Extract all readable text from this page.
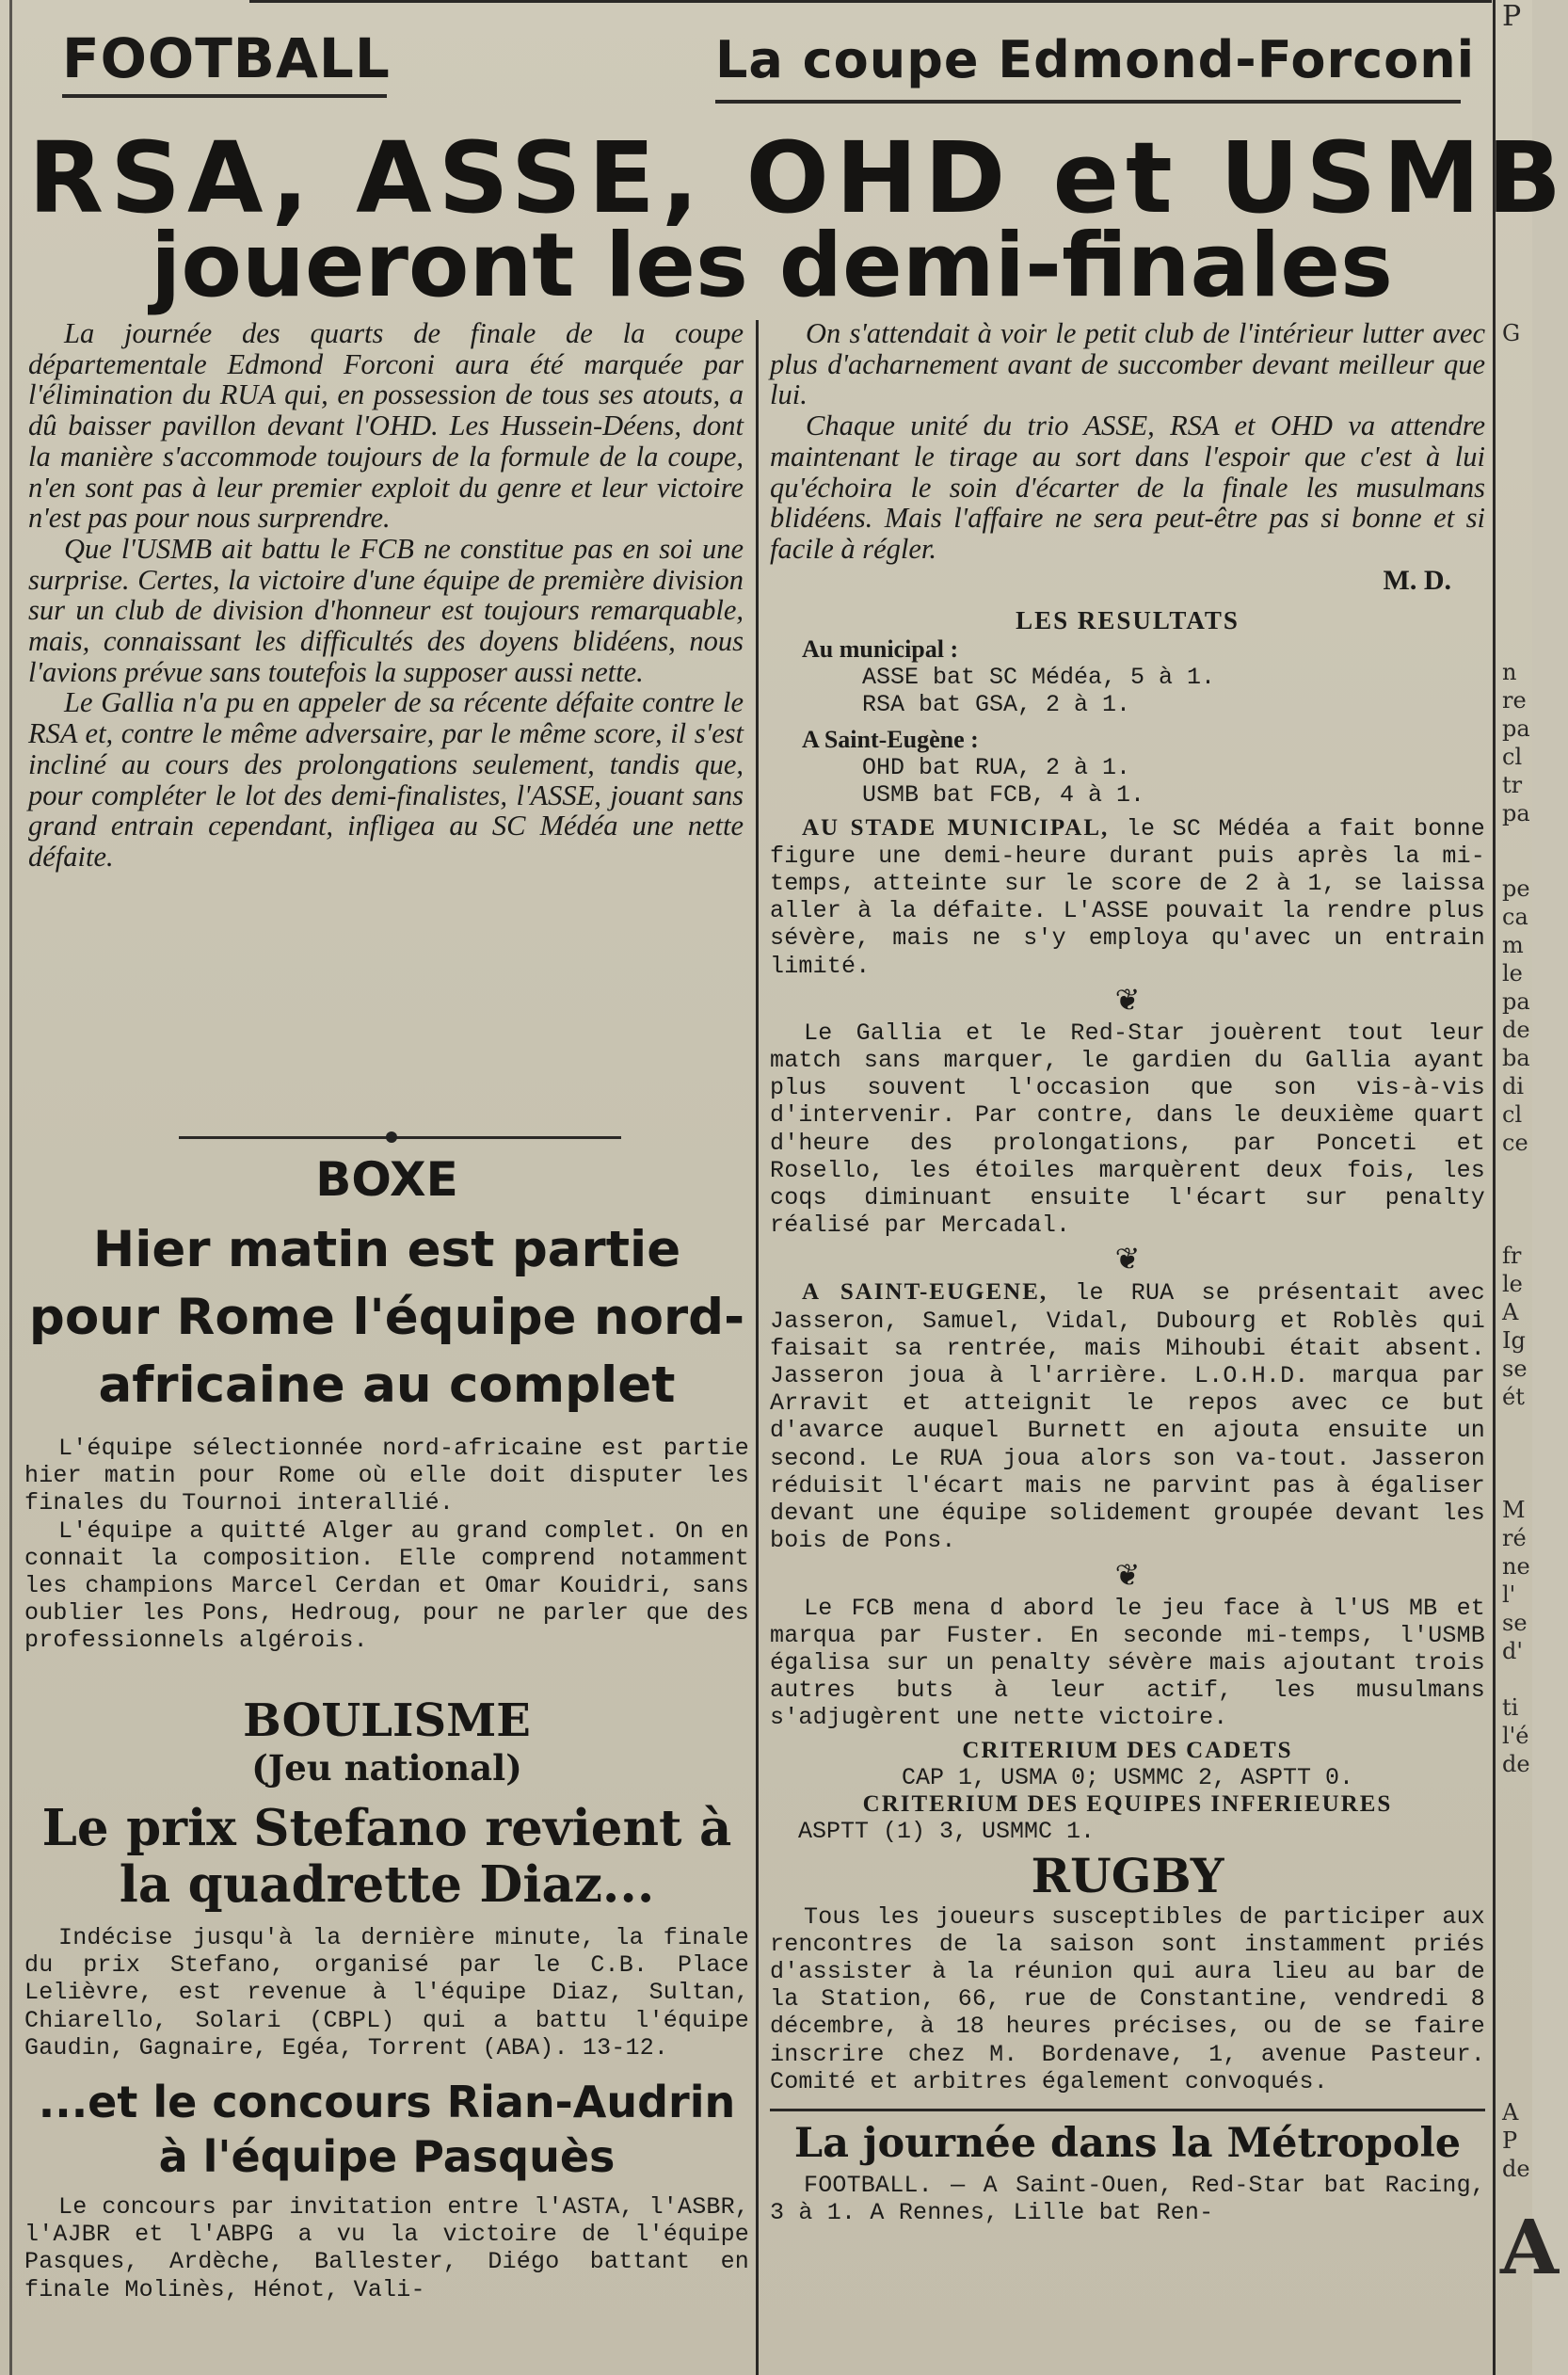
FOOTBALL	La coupe Edmond-Forconi
RSA, ASSE, OHD et USMB
joueront les demi-finales

La journée des quarts de finale de la coupe départementale Edmond Forconi aura été marquée par l'élimination du RUA qui, en possession de tous ses atouts, a dû baisser pavillon devant l'OHD. Les Hussein-Déens, dont la manière s'accommode toujours de la formule de la coupe, n'en sont pas à leur premier exploit du genre et leur victoire n'est pas pour nous surprendre.

Que l'USMB ait battu le FCB ne constitue pas en soi une surprise. Certes, la victoire d'une équipe de première division sur un club de division d'honneur est toujours remarquable, mais, connaissant les difficultés des doyens blidéens, nous l'avions prévue sans toutefois la supposer aussi nette.

Le Gallia n'a pu en appeler de sa récente défaite contre le RSA et, contre le même adversaire, par le même score, il s'est incliné au cours des prolongations seulement, tandis que, pour compléter le lot des demi-finalistes, l'ASSE, jouant sans grand entrain cependant, infligea au SC Médéa une nette défaite.

BOXE

Hier matin est partie pour Rome l'équipe nord-africaine au complet

L'équipe sélectionnée nord-africaine est partie hier matin pour Rome où elle doit disputer les finales du Tournoi interallié.

L'équipe a quitté Alger au grand complet. On en connait la composition. Elle comprend notamment les champions Marcel Cerdan et Omar Kouidri, sans oublier les Pons, Hedroug, pour ne parler que des professionnels algérois.

BOULISME

(Jeu national)

Le prix Stefano revient à la quadrette Diaz...

Indécise jusqu'à la dernière minute, la finale du prix Stefano, organisé par le C.B. Place Lelièvre, est revenue à l'équipe Diaz, Sultan, Chiarello, Solari (CBPL) qui a battu l'équipe Gaudin, Gagnaire, Egéa, Torrent (ABA). 13-12.

...et le concours Rian-Audrin à l'équipe Pasquès

Le concours par invitation entre l'ASTA, l'ASBR, l'AJBR et l'ABPG a vu la victoire de l'équipe Pasques, Ardèche, Ballester, Diégo battant en finale Molinès, Hénot, Vali-

On s'attendait à voir le petit club de l'intérieur lutter avec plus d'acharnement avant de succomber devant meilleur que lui.

Chaque unité du trio ASSE, RSA et OHD va attendre maintenant le tirage au sort dans l'espoir que c'est à lui qu'échoira le soin d'écarter de la finale les musulmans blidéens. Mais l'affaire ne sera peut-être pas si bonne et si facile à régler.

M. D.

LES RESULTATS

Au municipal :

ASSE bat SC Médéa, 5 à 1.

RSA bat GSA, 2 à 1.

A Saint-Eugène :

OHD bat RUA, 2 à 1.

USMB bat FCB, 4 à 1.

AU STADE MUNICIPAL, le SC Médéa a fait bonne figure une demi-heure durant puis après la mi-temps, atteinte sur le score de 2 à 1, se laissa aller à la défaite. L'ASSE pouvait la rendre plus sévère, mais ne s'y employa qu'avec un entrain limité.

❦

Le Gallia et le Red-Star jouèrent tout leur match sans marquer, le gardien du Gallia ayant plus souvent l'occasion que son vis-à-vis d'intervenir. Par contre, dans le deuxième quart d'heure des prolongations, par Ponceti et Rosello, les étoiles marquèrent deux fois, les coqs diminuant ensuite l'écart sur penalty réalisé par Mercadal.

❦

A SAINT-EUGENE, le RUA se présentait avec Jasseron, Samuel, Vidal, Dubourg et Roblès qui faisait sa rentrée, mais Mihoubi était absent. Jasseron joua à l'arrière. L.O.H.D. marqua par Arravit et atteignit le repos avec ce but d'avarce auquel Burnett en ajouta ensuite un second. Le RUA joua alors son va-tout. Jasseron réduisit l'écart mais ne parvint pas à égaliser devant une équipe solidement groupée devant les bois de Pons.

❦

Le FCB mena d abord le jeu face à l'US MB et marqua par Fuster. En seconde mi-temps, l'USMB égalisa sur un penalty sévère mais ajoutant trois autres buts à leur actif, les musulmans s'adjugèrent une nette victoire.

CRITERIUM DES CADETS

CAP 1, USMA 0; USMMC 2, ASPTT 0.

CRITERIUM DES EQUIPES INFERIEURES

ASPTT (1) 3, USMMC 1.

RUGBY

Tous les joueurs susceptibles de participer aux rencontres de la saison sont instamment priés d'assister à la réunion qui aura lieu au bar de la Station, 66, rue de Constantine, vendredi 8 décembre, à 18 heures précises, ou de se faire inscrire chez M. Bordenave, 1, avenue Pasteur. Comité et arbitres également convoqués.

La journée dans la Métropole

FOOTBALL. — A Saint-Ouen, Red-Star bat Racing, 3 à 1. A Rennes, Lille bat Ren-

P
G
n
re
pa
cl
tr
pa
pe
ca
m
le
pa
de
ba
di
cl
ce
fr
le
A
Ig
se
ét
M
ré
ne
l'
se
d'
ti
l'é
de
A
P
de
A
